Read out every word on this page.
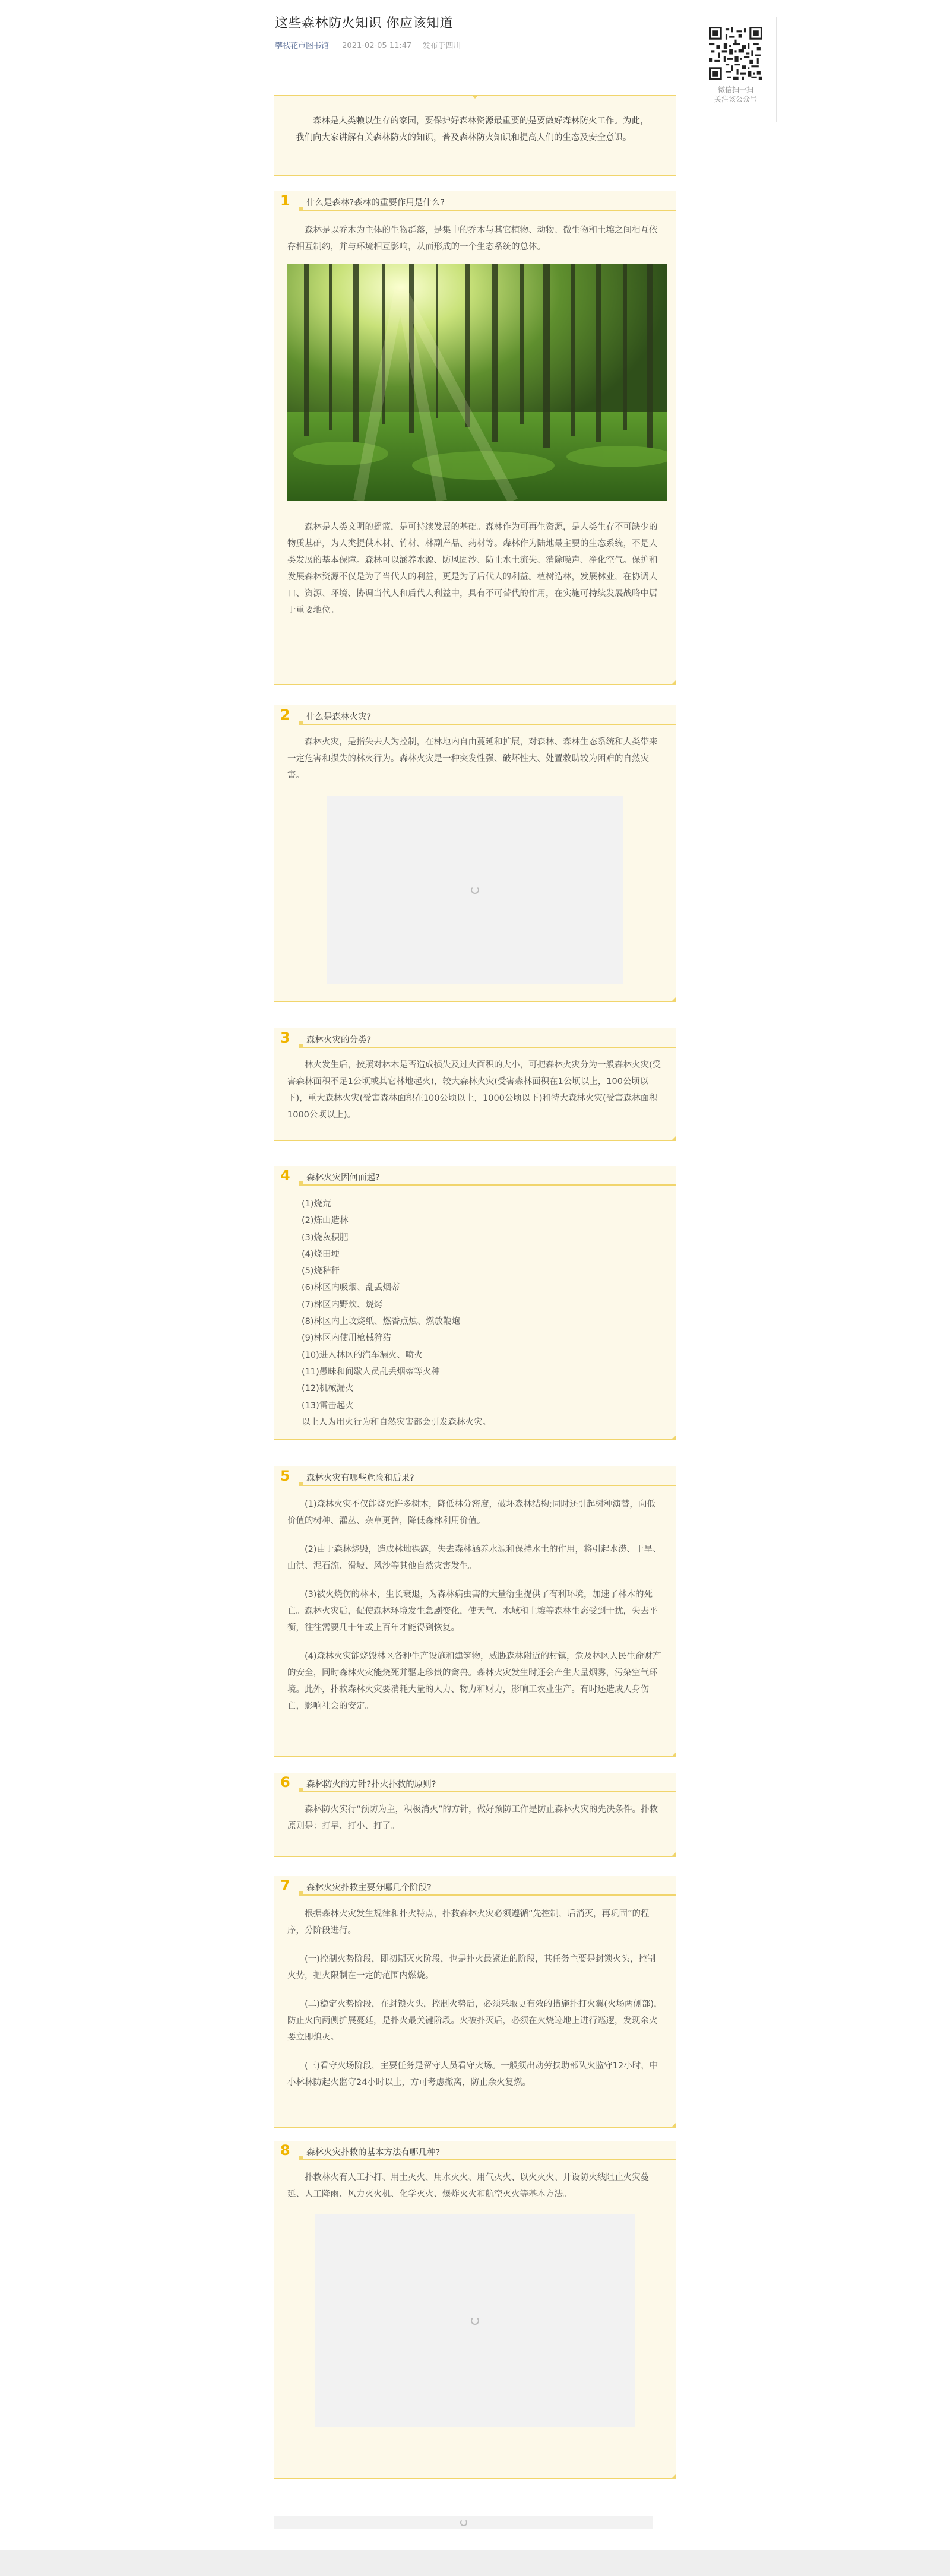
这些森林防火知识 你应该知道
攀枝花市图书馆 2021-02-05 11:47 发布于四川
微信扫一扫
关注该公众号

森林是人类赖以生存的家园，要保护好森林资源最重要的是要做好森林防火工作。为此，我们向大家讲解有关森林防火的知识，普及森林防火知识和提高人们的生态及安全意识。

1 什么是森林?森林的重要作用是什么?

森林是以乔木为主体的生物群落，是集中的乔木与其它植物、动物、微生物和土壤之间相互依存相互制约，并与环境相互影响，从而形成的一个生态系统的总体。

森林是人类文明的摇篮，是可持续发展的基础。森林作为可再生资源，是人类生存不可缺少的物质基础，为人类提供木材、竹材、林副产品、药材等。森林作为陆地最主要的生态系统，不是人类发展的基本保障。森林可以涵养水源、防风固沙、防止水土流失、消除噪声、净化空气。保护和发展森林资源不仅是为了当代人的利益，更是为了后代人的利益。植树造林，发展林业，在协调人口、资源、环境、协调当代人和后代人利益中，具有不可替代的作用，在实施可持续发展战略中居于重要地位。

2 什么是森林火灾?

森林火灾，是指失去人为控制，在林地内自由蔓延和扩展，对森林、森林生态系统和人类带来一定危害和损失的林火行为。森林火灾是一种突发性强、破坏性大、处置救助较为困难的自然灾害。

3 森林火灾的分类?

林火发生后，按照对林木是否造成损失及过火面积的大小，可把森林火灾分为一般森林火灾(受害森林面积不足1公顷或其它林地起火)，较大森林火灾(受害森林面积在1公顷以上，100公顷以下)，重大森林火灾(受害森林面积在100公顷以上，1000公顷以下)和特大森林火灾(受害森林面积1000公顷以上)。

4 森林火灾因何而起?
(1)烧荒
(2)炼山造林
(3)烧灰积肥
(4)烧田埂
(5)烧秸秆
(6)林区内吸烟、乱丢烟蒂
(7)林区内野炊、烧烤
(8)林区内上坟烧纸、燃香点烛、燃放鞭炮
(9)林区内使用枪械狩猎
(10)进入林区的汽车漏火、喷火
(11)愚昧和间歇人员乱丢烟蒂等火种
(12)机械漏火
(13)雷击起火
以上人为用火行为和自然灾害都会引发森林火灾。
5 森林火灾有哪些危险和后果?

(1)森林火灾不仅能烧死许多树木，降低林分密度，破坏森林结构;同时还引起树种演替，向低价值的树种、灌丛、杂草更替，降低森林利用价值。

(2)由于森林烧毁，造成林地裸露，失去森林涵养水源和保持水土的作用，将引起水涝、干旱、山洪、泥石流、滑坡、风沙等其他自然灾害发生。

(3)被火烧伤的林木，生长衰退，为森林病虫害的大量衍生提供了有利环境，加速了林木的死亡。森林火灾后，促使森林环境发生急剧变化，使天气、水域和土壤等森林生态受到干扰，失去平衡，往往需要几十年或上百年才能得到恢复。

(4)森林火灾能烧毁林区各种生产设施和建筑物，威胁森林附近的村镇，危及林区人民生命财产的安全，同时森林火灾能烧死并驱走珍贵的禽兽。森林火灾发生时还会产生大量烟雾，污染空气环境。此外，扑救森林火灾要消耗大量的人力、物力和财力，影响工农业生产。有时还造成人身伤亡，影响社会的安定。

6 森林防火的方针?扑火扑救的原则?

森林防火实行“预防为主，积极消灭”的方针，做好预防工作是防止森林火灾的先决条件。扑救原则是：打早、打小、打了。

7 森林火灾扑救主要分哪几个阶段?

根据森林火灾发生规律和扑火特点，扑救森林火灾必须遵循“先控制，后消灭，再巩固”的程序，分阶段进行。

(一)控制火势阶段，即初期灭火阶段，也是扑火最紧迫的阶段，其任务主要是封锁火头，控制火势，把火限制在一定的范围内燃烧。

(二)稳定火势阶段，在封锁火头，控制火势后，必须采取更有效的措施扑打火翼(火场两侧部)，防止火向两侧扩展蔓延，是扑火最关键阶段。火被扑灭后，必须在火烧迹地上进行巡逻，发现余火要立即熄灭。

(三)看守火场阶段，主要任务是留守人员看守火场。一般须出动劳扶助部队火监守12小时，中小林林防起火监守24小时以上，方可考虑撤离，防止余火复燃。

8 森林火灾扑救的基本方法有哪几种?

扑救林火有人工扑打、用土灭火、用水灭火、用气灭火、以火灭火、开设防火线阻止火灾蔓延、人工降雨、风力灭火机、化学灭火、爆炸灭火和航空灭火等基本方法。
